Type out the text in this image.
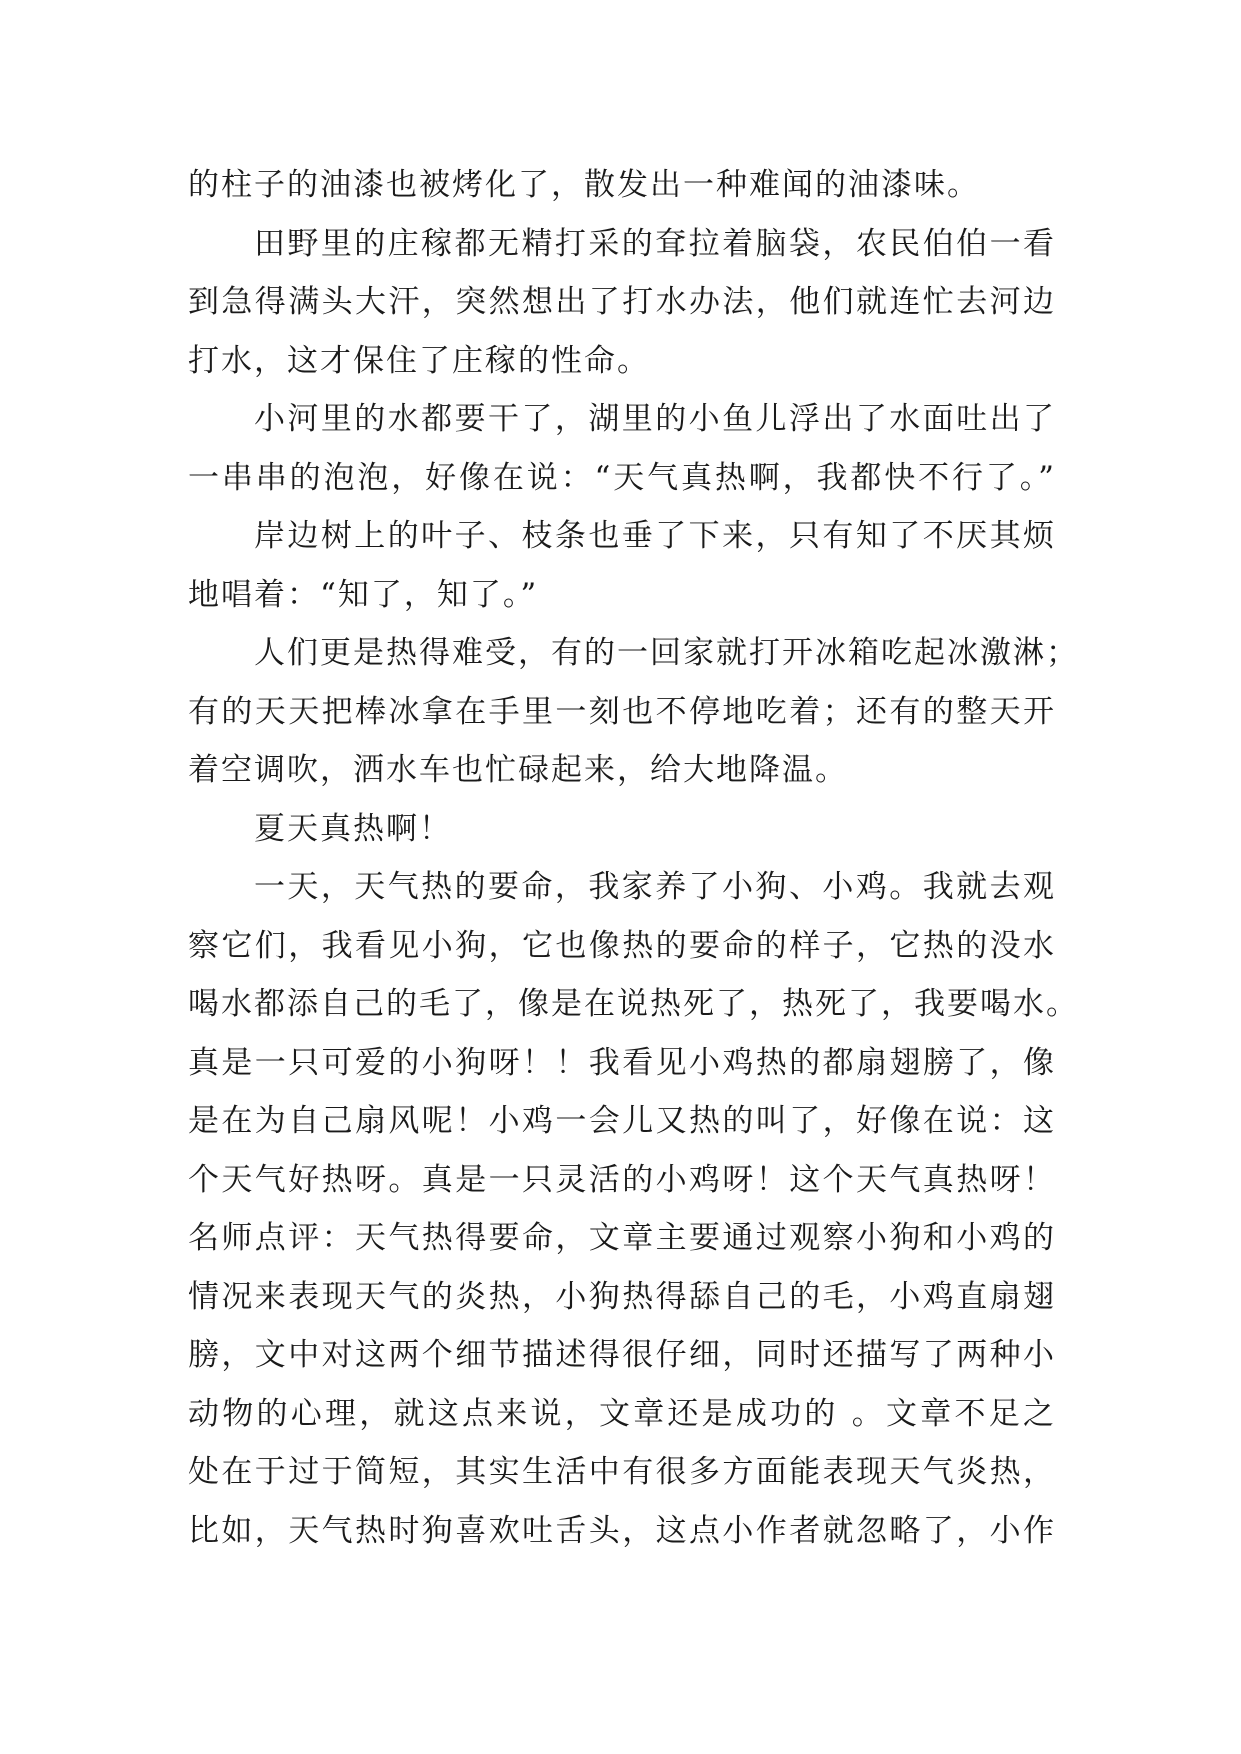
的柱子的油漆也被烤化了，散发出一种难闻的油漆味。
田野里的庄稼都无精打采的耷拉着脑袋，农民伯伯一看
到急得满头大汗，突然想出了打水办法，他们就连忙去河边
打水，这才保住了庄稼的性命。
小河里的水都要干了，湖里的小鱼儿浮出了水面吐出了
一串串的泡泡，好像在说：“天气真热啊，我都快不行了。”
岸边树上的叶子、枝条也垂了下来，只有知了不厌其烦
地唱着：“知了，知了。”
人们更是热得难受，有的一回家就打开冰箱吃起冰激淋；
有的天天把棒冰拿在手里一刻也不停地吃着；还有的整天开
着空调吹，洒水车也忙碌起来，给大地降温。
夏天真热啊！
一天，天气热的要命，我家养了小狗、小鸡。我就去观
察它们，我看见小狗，它也像热的要命的样子，它热的没水
喝水都添自己的毛了，像是在说热死了，热死了，我要喝水。
真是一只可爱的小狗呀！！我看见小鸡热的都扇翅膀了，像
是在为自己扇风呢！小鸡一会儿又热的叫了，好像在说：这
个天气好热呀。真是一只灵活的小鸡呀！这个天气真热呀！
名师点评：天气热得要命，文章主要通过观察小狗和小鸡的
情况来表现天气的炎热，小狗热得舔自己的毛，小鸡直扇翅
膀，文中对这两个细节描述得很仔细，同时还描写了两种小
动物的心理，就这点来说，文章还是成功的 。文章不足之
处在于过于简短，其实生活中有很多方面能表现天气炎热，
比如，天气热时狗喜欢吐舌头，这点小作者就忽略了，小作
